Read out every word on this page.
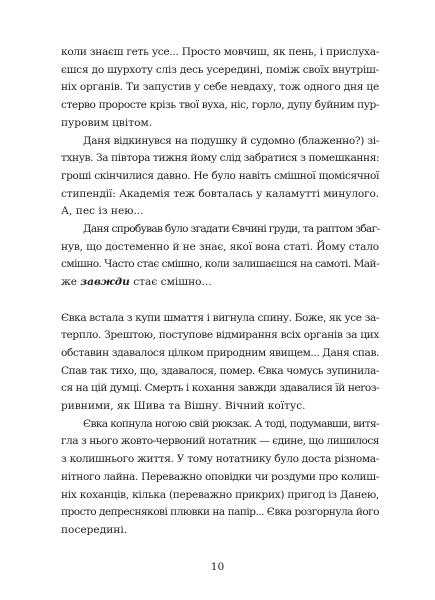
коли знаєш геть усе... Просто мовчиш, як пень, і прислуха-
єшся до шурхоту сліз десь усередині, поміж своїх внутріш-
ніх органів. Ти запустив у себе невдаху, тож одного дня це
стерво проросте крізь твої вуха, ніс, горло, дупу буйним пур-
пуровим цвітом.

Даня відкинувся на подушку й судомно (блаженно?) зі-
тхнув. За півтора тижня йому слід забратися з помешкання:
гроші скінчилися давно. Не було навіть смішної щомісячної
стипендії: Академія теж бовталась у каламутті минулого.
А, пес із нею...

Даня спробував було згадати Євчині груди, та раптом збаг-
нув, що достеменно й не знає, якої вона статі. Йому стало
смішно. Часто стає смішно, коли залишаєшся на самоті. Май-
же завжди стає смішно...

Євка встала з купи шмаття і вигнула спину. Боже, як усе за-
терпло. Зрештою, поступове відмирання всіх органів за цих
обставин здавалося цілком природним явищем... Даня спав.
Спав так тихо, що, здавалося, помер. Євка чомусь зупинила-
ся на цій думці. Смерть і кохання завжди здавалися їй неroз-
ривними, як Шива та Вішну. Вічний коїтус.

Євка копнула ногою свій рюкзак. А тоді, подумавши, витя-
гла з нього жовто-червоний нотатник — єдине, що лишилося
з колишнього життя. У тому нотатнику було доста різнома-
нітного лайна. Переважно оповідки чи роздуми про колиш-
ніх коханців, кілька (переважно прикрих) пригод із Данею,
просто депреснякові плювки на папір... Євка розгорнула його
посередині.

10
